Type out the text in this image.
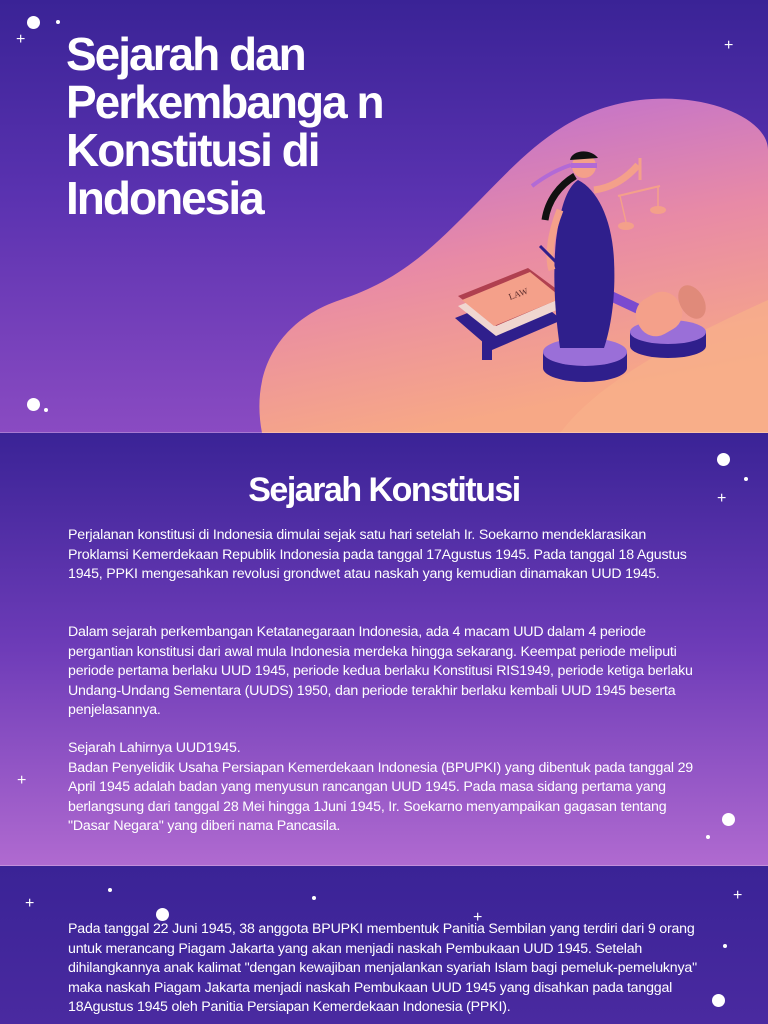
LAW
Sejarah dan Perkembanga n Konstitusi di Indonesia
+	+
Sejarah Konstitusi

Perjalanan konstitusi di Indonesia dimulai sejak satu hari setelah Ir. Soekarno mendeklarasikan Proklamsi Kemerdekaan Republik Indonesia pada tanggal 17Agustus 1945. Pada tanggal 18 Agustus 1945, PPKI mengesahkan revolusi grondwet atau naskah yang kemudian dinamakan UUD 1945.

Dalam sejarah perkembangan Ketatanegaraan Indonesia, ada 4 macam UUD dalam 4 periode pergantian konstitusi dari awal mula Indonesia merdeka hingga sekarang. Keempat periode meliputi periode pertama berlaku UUD 1945, periode kedua berlaku Konstitusi RIS1949, periode ketiga berlaku Undang-Undang Sementara (UUDS) 1950, dan periode terakhir berlaku kembali UUD 1945 beserta penjelasannya.

Sejarah Lahirnya UUD1945.
Badan Penyelidik Usaha Persiapan Kemerdekaan Indonesia (BPUPKI) yang dibentuk pada tanggal 29 April 1945 adalah badan yang menyusun rancangan UUD 1945. Pada masa sidang pertama yang berlangsung dari tanggal 28 Mei hingga 1Juni 1945, Ir. Soekarno menyampaikan gagasan tentang "Dasar Negara" yang diberi nama Pancasila.

+
+

Pada tanggal 22 Juni 1945, 38 anggota BPUPKI membentuk Panitia Sembilan yang terdiri dari 9 orang untuk merancang Piagam Jakarta yang akan menjadi naskah Pembukaan UUD 1945. Setelah dihilangkannya anak kalimat "dengan kewajiban menjalankan syariah Islam bagi pemeluk-pemeluknya" maka naskah Piagam Jakarta menjadi naskah Pembukaan UUD 1945 yang disahkan pada tanggal 18Agustus 1945 oleh Panitia Persiapan Kemerdekaan Indonesia (PPKI).

+
+
+
